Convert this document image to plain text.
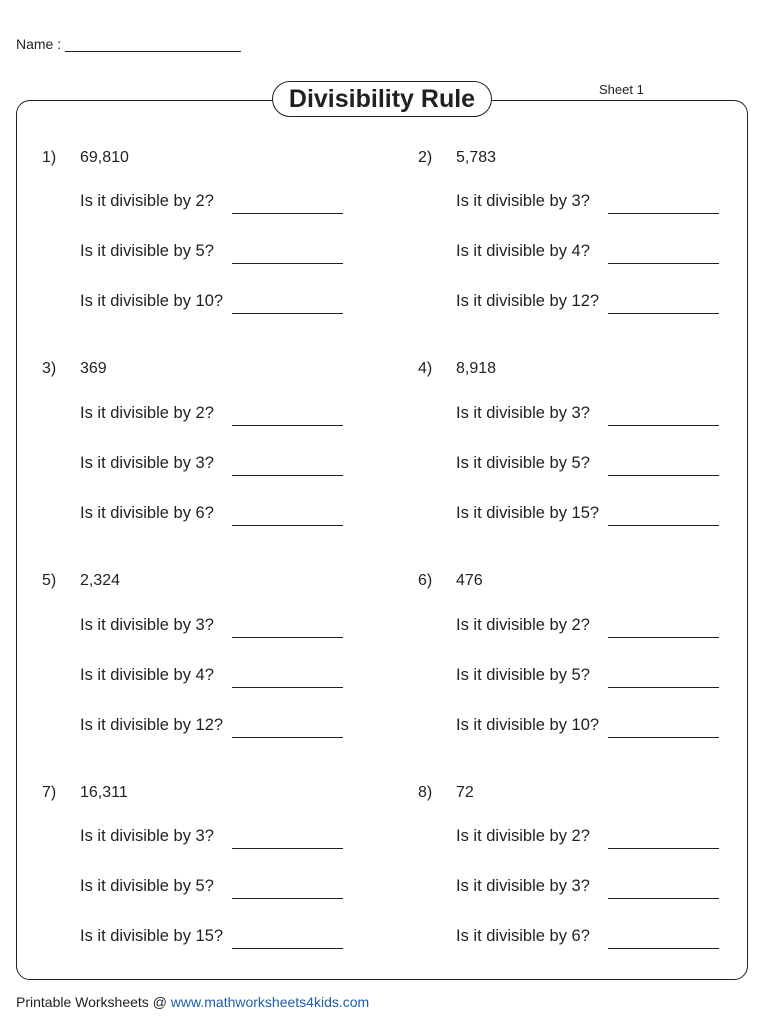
Name :
Sheet 1
Divisibility Rule
1) 69,810
Is it divisible by 2?
Is it divisible by 5?
Is it divisible by 10?
2) 5,783
Is it divisible by 3?
Is it divisible by 4?
Is it divisible by 12?
3) 369
Is it divisible by 2?
Is it divisible by 3?
Is it divisible by 6?
4) 8,918
Is it divisible by 3?
Is it divisible by 5?
Is it divisible by 15?
5) 2,324
Is it divisible by 3?
Is it divisible by 4?
Is it divisible by 12?
6) 476
Is it divisible by 2?
Is it divisible by 5?
Is it divisible by 10?
7) 16,311
Is it divisible by 3?
Is it divisible by 5?
Is it divisible by 15?
8) 72
Is it divisible by 2?
Is it divisible by 3?
Is it divisible by 6?
Printable Worksheets @ www.mathworksheets4kids.com
